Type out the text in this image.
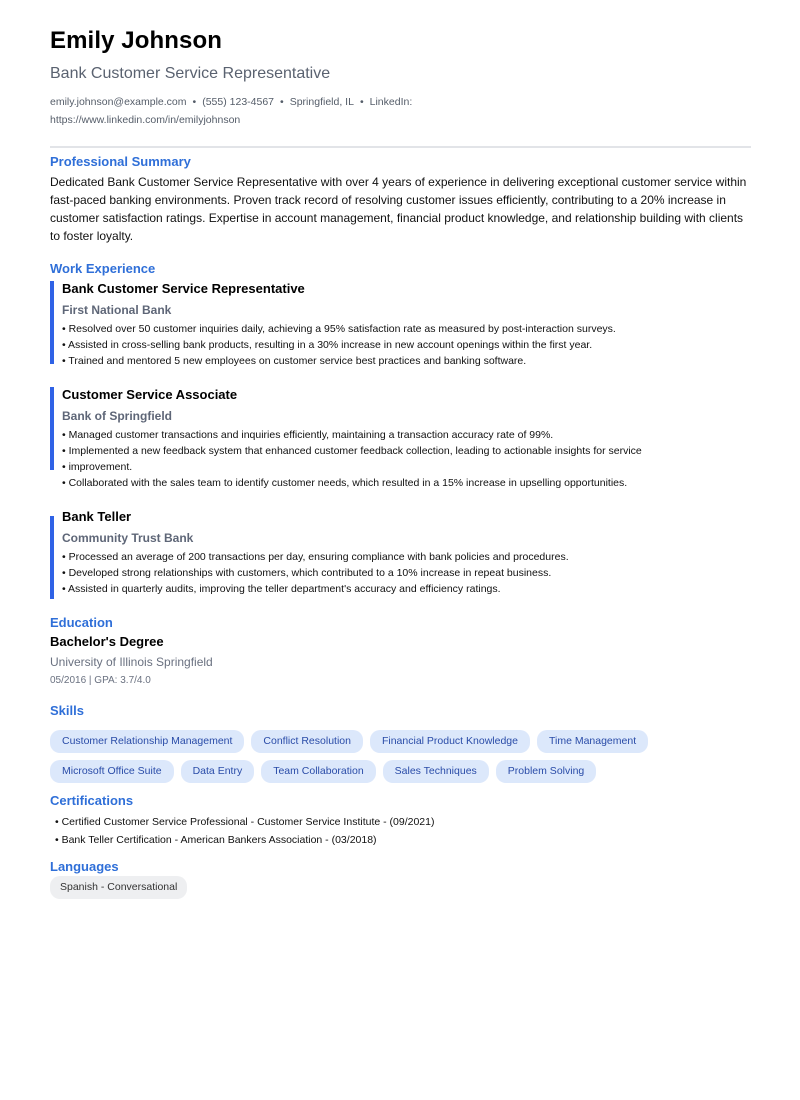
Emily Johnson
Bank Customer Service Representative
emily.johnson@example.com • (555) 123-4567 • Springfield, IL • LinkedIn:
https://www.linkedin.com/in/emilyjohnson
Professional Summary
Dedicated Bank Customer Service Representative with over 4 years of experience in delivering exceptional customer service within fast-paced banking environments. Proven track record of resolving customer issues efficiently, contributing to a 20% increase in customer satisfaction ratings. Expertise in account management, financial product knowledge, and relationship building with clients to foster loyalty.
Work Experience
Bank Customer Service Representative
First National Bank
• Resolved over 50 customer inquiries daily, achieving a 95% satisfaction rate as measured by post-interaction surveys.
• Assisted in cross-selling bank products, resulting in a 30% increase in new account openings within the first year.
• Trained and mentored 5 new employees on customer service best practices and banking software.
Customer Service Associate
Bank of Springfield
• Managed customer transactions and inquiries efficiently, maintaining a transaction accuracy rate of 99%.
• Implemented a new feedback system that enhanced customer feedback collection, leading to actionable insights for service
• improvement.
• Collaborated with the sales team to identify customer needs, which resulted in a 15% increase in upselling opportunities.
Bank Teller
Community Trust Bank
• Processed an average of 200 transactions per day, ensuring compliance with bank policies and procedures.
• Developed strong relationships with customers, which contributed to a 10% increase in repeat business.
• Assisted in quarterly audits, improving the teller department's accuracy and efficiency ratings.
Education
Bachelor's Degree
University of Illinois Springfield
05/2016 | GPA: 3.7/4.0
Skills
Customer Relationship Management	Conflict Resolution	Financial Product Knowledge	Time Management
Microsoft Office Suite	Data Entry	Team Collaboration	Sales Techniques	Problem Solving
Certifications
• Certified Customer Service Professional - Customer Service Institute - (09/2021)
• Bank Teller Certification - American Bankers Association - (03/2018)
Languages
Spanish - Conversational
